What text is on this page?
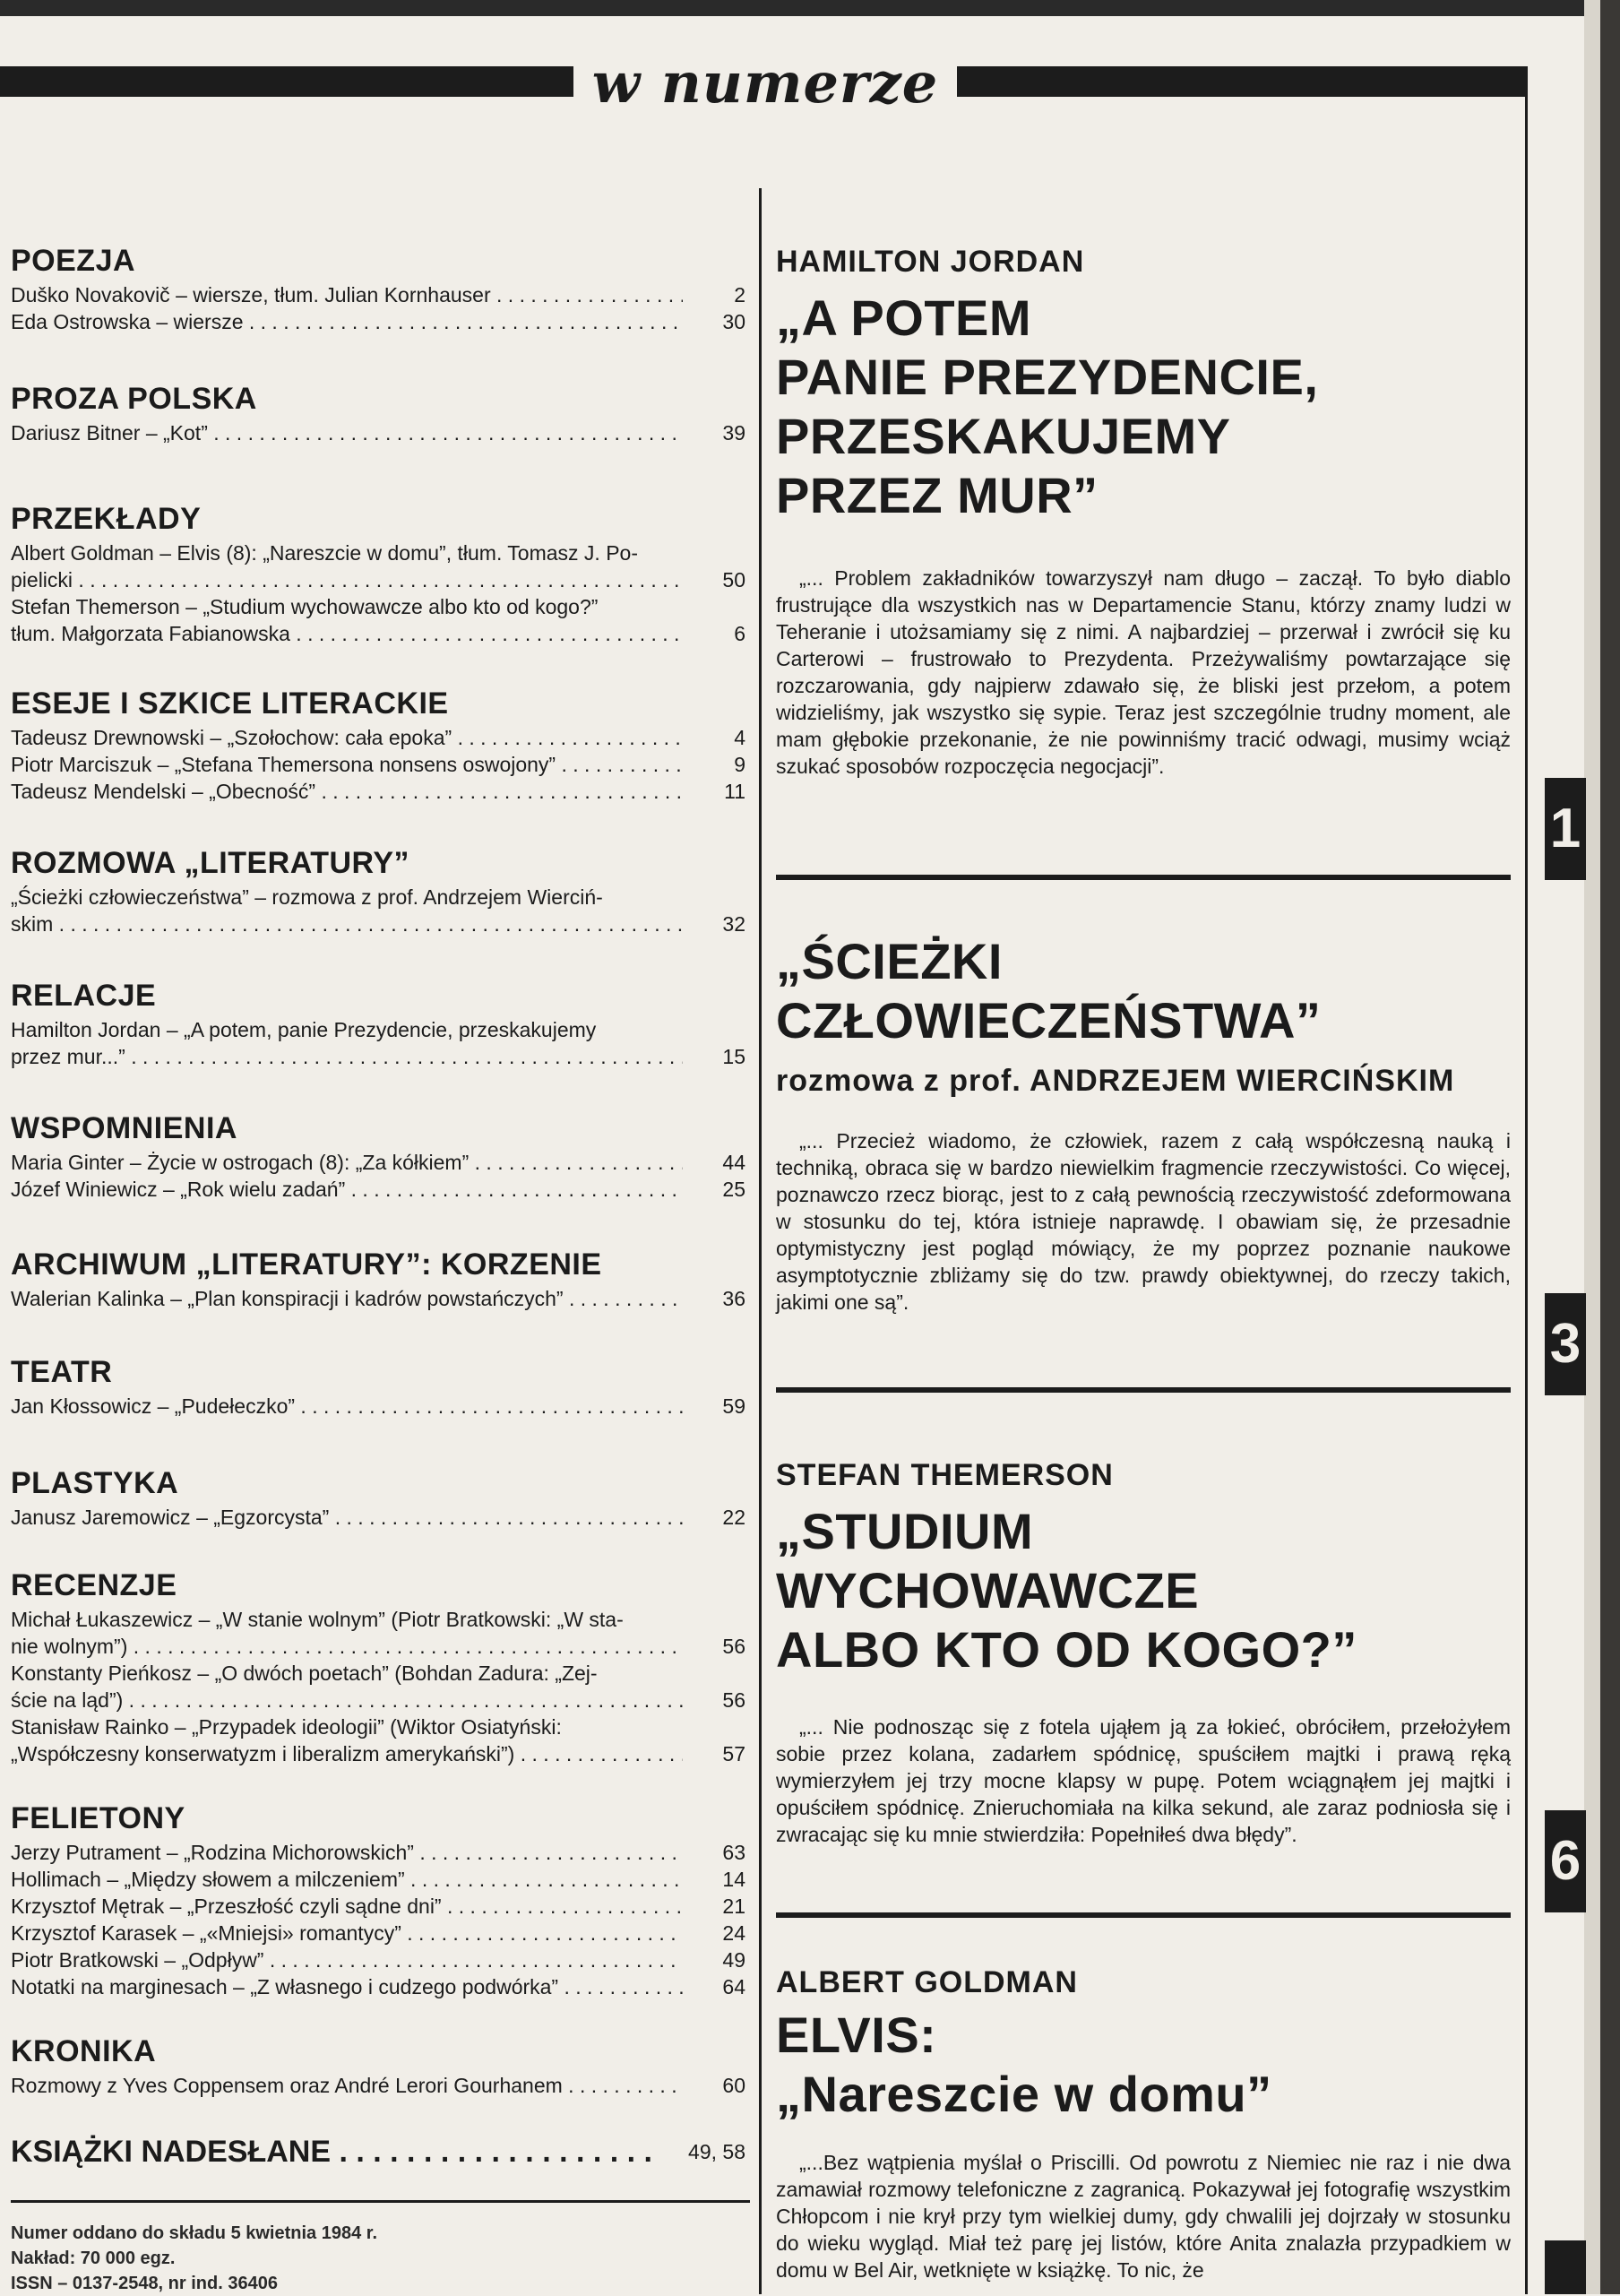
w numerze
POEZJA
Duško Novakovič – wiersze, tłum. Julian Kornhauser . . .	2
Eda Ostrowska – wiersze . . .	30
PROZA POLSKA
Dariusz Bitner – „Kot” . . .	39
PRZEKŁADY
Albert Goldman – Elvis (8): „Nareszcie w domu”, tłum. Tomasz J. Po-
pielicki . . .	50
Stefan Themerson – „Studium wychowawcze albo kto od kogo?”
tłum. Małgorzata Fabianowska . . .	6
ESEJE I SZKICE LITERACKIE
Tadeusz Drewnowski – „Szołochow: cała epoka” . . .	4
Piotr Marciszuk – „Stefana Themersona nonsens oswojony” . . .	9
Tadeusz Mendelski – „Obecność” . . .	11
ROZMOWA „LITERATURY”
„Ścieżki człowieczeństwa” – rozmowa z prof. Andrzejem Wierciń-
skim . . .	32
RELACJE
Hamilton Jordan – „A potem, panie Prezydencie, przeskakujemy
przez mur...” . . .	15
WSPOMNIENIA
Maria Ginter – Życie w ostrogach (8): „Za kółkiem” . . .	44
Józef Winiewicz – „Rok wielu zadań” . . .	25
ARCHIWUM „LITERATURY”: KORZENIE
Walerian Kalinka – „Plan konspiracji i kadrów powstańczych” . . .	36
TEATR
Jan Kłossowicz – „Pudełeczko” . . .	59
PLASTYKA
Janusz Jaremowicz – „Egzorcysta” . . .	22
RECENZJE
Michał Łukaszewicz – „W stanie wolnym” (Piotr Bratkowski: „W sta-
nie wolnym”) . . .	56
Konstanty Pieńkosz – „O dwóch poetach” (Bohdan Zadura: „Zej-
ście na ląd”) . . .	56
Stanisław Rainko – „Przypadek ideologii” (Wiktor Osiatyński:
„Współczesny konserwatyzm i liberalizm amerykański”) . . .	57
FELIETONY
Jerzy Putrament – „Rodzina Michorowskich” . . .	63
Hollimach – „Między słowem a milczeniem” . . .	14
Krzysztof Mętrak – „Przeszłość czyli sądne dni” . . .	21
Krzysztof Karasek – „«Mniejsi» romantycy” . . .	24
Piotr Bratkowski – „Odpływ” . . .	49
Notatki na marginesach – „Z własnego i cudzego podwórka” . . .	64
KRONIKA
Rozmowy z Yves Coppensem oraz André Lerori Gourhanem . . .	60
KSIĄŻKI NADESŁANE . . .	49, 58
Numer oddano do składu 5 kwietnia 1984 r.
Nakład: 70 000 egz.
ISSN – 0137-2548, nr ind. 36406
HAMILTON JORDAN
„A POTEM
PANIE PREZYDENCIE,
PRZESKAKUJEMY
PRZEZ MUR”
„... Problem zakładników towarzyszył nam długo – zaczął. To było diablo frustrujące dla wszystkich nas w Departamencie Stanu, którzy znamy ludzi w Teheranie i utożsamiamy się z nimi. A najbardziej – przerwał i zwrócił się ku Carterowi – frustrowało to Prezydenta. Przeżywaliśmy powtarzające się rozczarowania, gdy najpierw zdawało się, że bliski jest przełom, a potem widzieliśmy, jak wszystko się sypie. Teraz jest szczególnie trudny moment, ale mam głębokie przekonanie, że nie powinniśmy tracić odwagi, musimy wciąż szukać sposobów rozpoczęcia negocjacji”.
„ŚCIEŻKI
CZŁOWIECZEŃSTWA”
rozmowa z prof. ANDRZEJEM WIERCIŃSKIM
„... Przecież wiadomo, że człowiek, razem z całą współczesną nauką i techniką, obraca się w bardzo niewielkim fragmencie rzeczywistości. Co więcej, poznawczo rzecz biorąc, jest to z całą pewnością rzeczywistość zdeformowana w stosunku do tej, która istnieje naprawdę. I obawiam się, że przesadnie optymistyczny jest pogląd mówiący, że my poprzez poznanie naukowe asymptotycznie zbliżamy się do tzw. prawdy obiektywnej, do rzeczy takich, jakimi one są”.
STEFAN THEMERSON
„STUDIUM
WYCHOWAWCZE
ALBO KTO OD KOGO?”
„... Nie podnosząc się z fotela ująłem ją za łokieć, obróciłem, przełożyłem sobie przez kolana, zadarłem spódnicę, spuściłem majtki i prawą ręką wymierzyłem jej trzy mocne klapsy w pupę. Potem wciągnąłem jej majtki i opuściłem spódnicę. Znieruchomiała na kilka sekund, ale zaraz podniosła się i zwracając się ku mnie stwierdziła: Popełniłeś dwa błędy”.
ALBERT GOLDMAN
ELVIS:
„Nareszcie w domu”
„...Bez wątpienia myślał o Priscilli. Od powrotu z Niemiec nie raz i nie dwa zamawiał rozmowy telefoniczne z zagranicą. Pokazywał jej fotografię wszystkim Chłopcom i nie krył przy tym wielkiej dumy, gdy chwalili jej dojrzały w stosunku do wieku wygląd. Miał też parę jej listów, które Anita znalazła przypadkiem w domu w Bel Air, wetknięte w książkę. To nic, że
1
3
6
